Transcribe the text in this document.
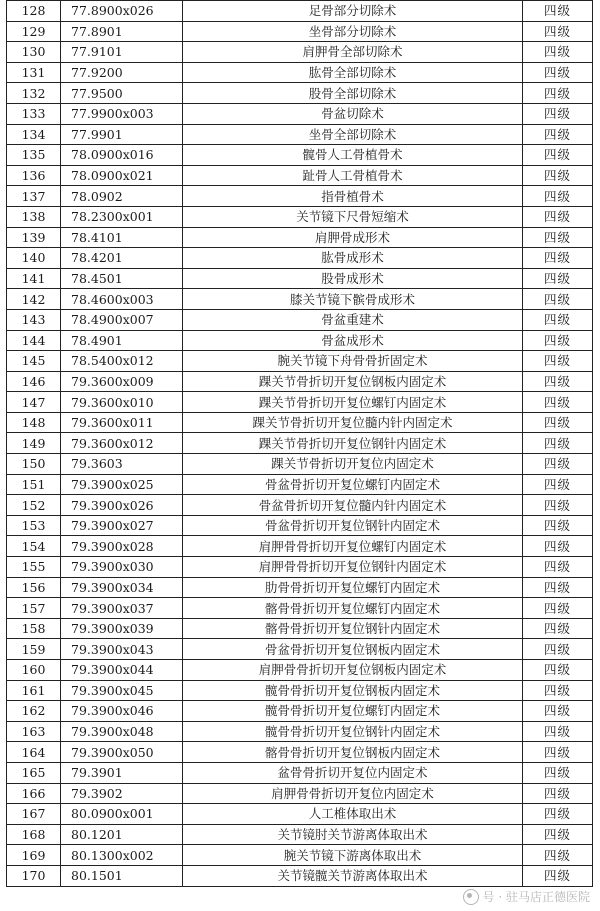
128	77.8900x026	足骨部分切除术	四级
129	77.8901	坐骨部分切除术	四级
130	77.9101	肩胛骨全部切除术	四级
131	77.9200	肱骨全部切除术	四级
132	77.9500	股骨全部切除术	四级
133	77.9900x003	骨盆切除术	四级
134	77.9901	坐骨全部切除术	四级
135	78.0900x016	髋骨人工骨植骨术	四级
136	78.0900x021	趾骨人工骨植骨术	四级
137	78.0902	指骨植骨术	四级
138	78.2300x001	关节镜下尺骨短缩术	四级
139	78.4101	肩胛骨成形术	四级
140	78.4201	肱骨成形术	四级
141	78.4501	股骨成形术	四级
142	78.4600x003	膝关节镜下髌骨成形术	四级
143	78.4900x007	骨盆重建术	四级
144	78.4901	骨盆成形术	四级
145	78.5400x012	腕关节镜下舟骨骨折固定术	四级
146	79.3600x009	踝关节骨折切开复位钢板内固定术	四级
147	79.3600x010	踝关节骨折切开复位螺钉内固定术	四级
148	79.3600x011	踝关节骨折切开复位髓内针内固定术	四级
149	79.3600x012	踝关节骨折切开复位钢针内固定术	四级
150	79.3603	踝关节骨折切开复位内固定术	四级
151	79.3900x025	骨盆骨折切开复位螺钉内固定术	四级
152	79.3900x026	骨盆骨折切开复位髓内针内固定术	四级
153	79.3900x027	骨盆骨折切开复位钢针内固定术	四级
154	79.3900x028	肩胛骨骨折切开复位螺钉内固定术	四级
155	79.3900x030	肩胛骨骨折切开复位钢针内固定术	四级
156	79.3900x034	肋骨骨折切开复位螺钉内固定术	四级
157	79.3900x037	髂骨骨折切开复位螺钉内固定术	四级
158	79.3900x039	髂骨骨折切开复位钢针内固定术	四级
159	79.3900x043	骨盆骨折切开复位钢板内固定术	四级
160	79.3900x044	肩胛骨骨折切开复位钢板内固定术	四级
161	79.3900x045	髋骨骨折切开复位钢板内固定术	四级
162	79.3900x046	髋骨骨折切开复位螺钉内固定术	四级
163	79.3900x048	髋骨骨折切开复位钢针内固定术	四级
164	79.3900x050	髂骨骨折切开复位钢板内固定术	四级
165	79.3901	盆骨骨折切开复位内固定术	四级
166	79.3902	肩胛骨骨折切开复位内固定术	四级
167	80.0900x001	人工椎体取出术	四级
168	80.1201	关节镜肘关节游离体取出术	四级
169	80.1300x002	腕关节镜下游离体取出术	四级
170	80.1501	关节镜髋关节游离体取出术	四级
号 · 驻马店正德医院
